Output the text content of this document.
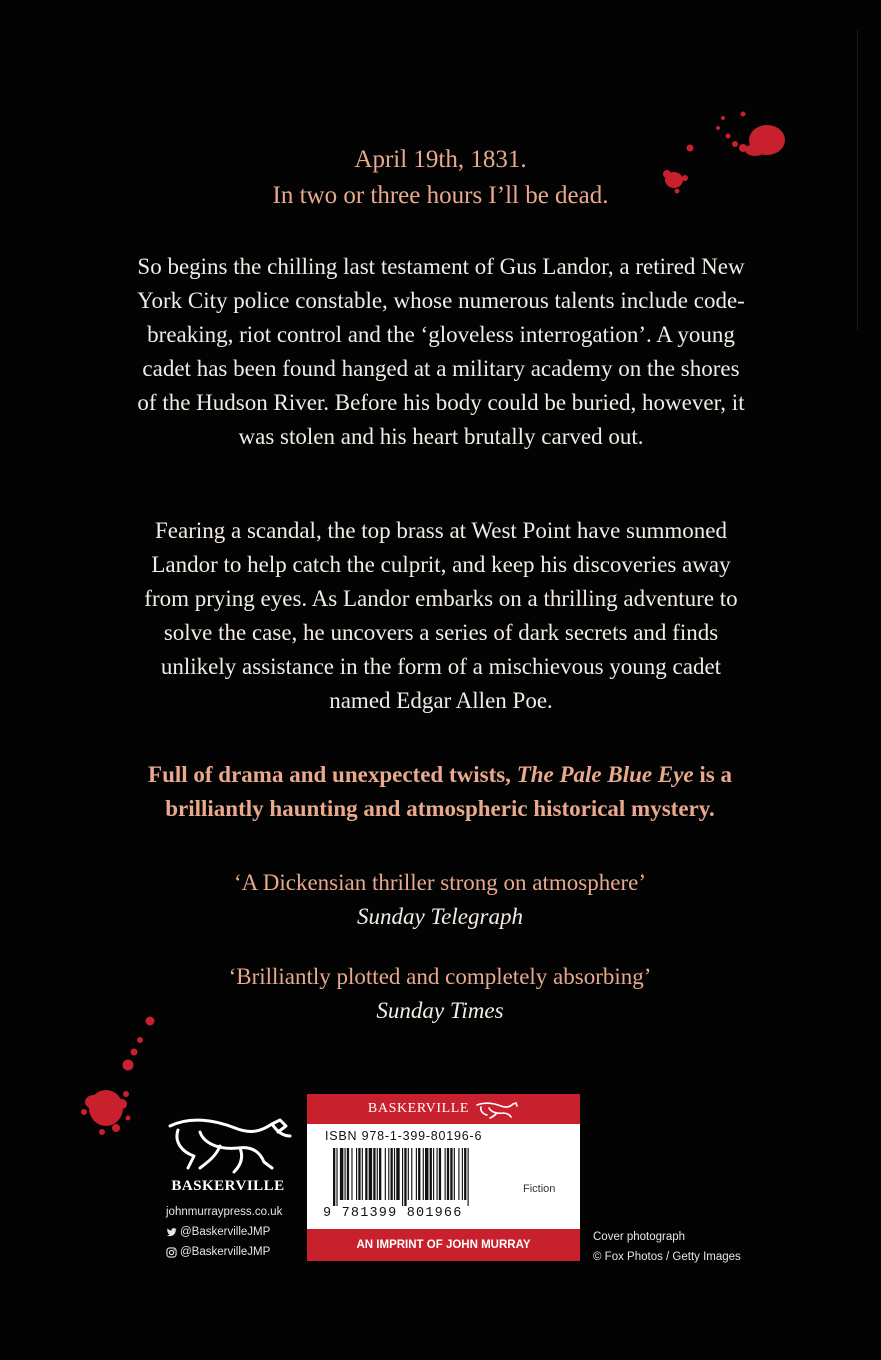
April 19th, 1831.
In two or three hours I’ll be dead.

So begins the chilling last testament of Gus Landor, a retired New York City police constable, whose numerous talents include code-breaking, riot control and the ‘gloveless interrogation’. A young cadet has been found hanged at a military academy on the shores of the Hudson River. Before his body could be buried, however, it was stolen and his heart brutally carved out.

Fearing a scandal, the top brass at West Point have summoned Landor to help catch the culprit, and keep his discoveries away from prying eyes. As Landor embarks on a thrilling adventure to solve the case, he uncovers a series of dark secrets and finds unlikely assistance in the form of a mischievous young cadet named Edgar Allen Poe.

Full of drama and unexpected twists, The Pale Blue Eye is a brilliantly haunting and atmospheric historical mystery.
‘A Dickensian thriller strong on atmosphere’
Sunday Telegraph
‘Brilliantly plotted and completely absorbing’
Sunday Times
BASKERVILLE
johnmurraypress.co.uk
@BaskervilleJMP
@BaskervilleJMP
BASKERVILLE
ISBN 978-1-399-80196-6
9 781399 801966
Fiction
AN IMPRINT OF JOHN MURRAY
Cover photograph
© Fox Photos / Getty Images
